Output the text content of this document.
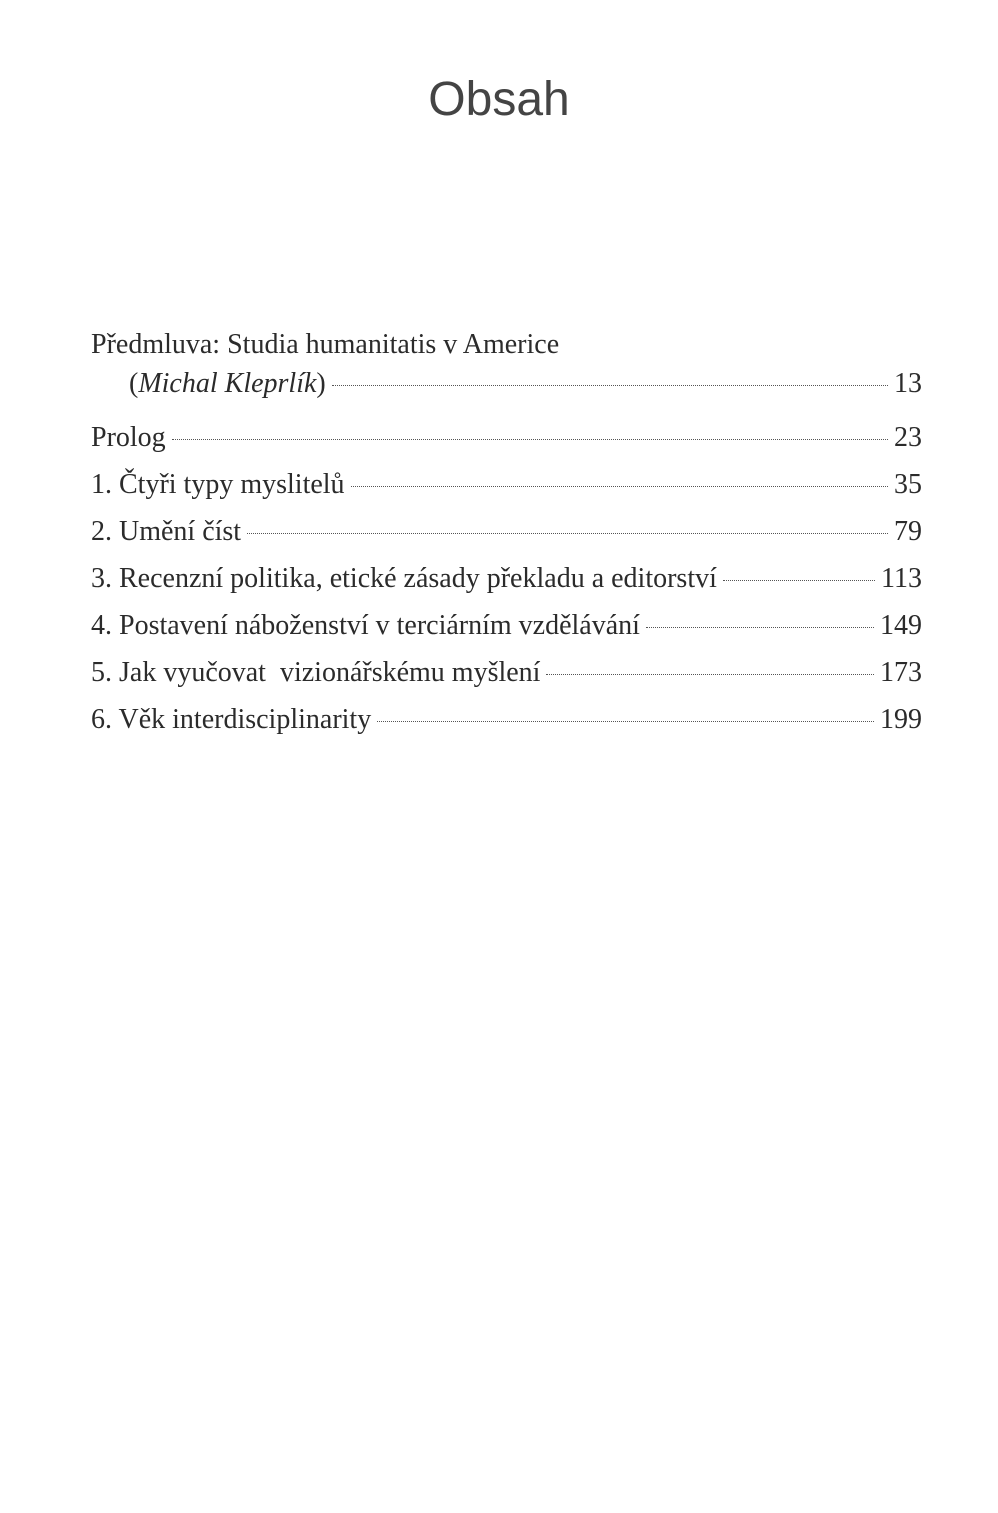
Obsah
Předmluva: Studia humanitatis v Americe
(Michal Kleprlík)	13
Prolog	23
1. Čtyři typy myslitelů	35
2. Umění číst	79
3. Recenzní politika, etické zásady překladu a editorství	113
4. Postavení náboženství v terciárním vzdělávání	149
5. Jak vyučovat  vizionářskému myšlení	173
6. Věk interdisciplinarity	199
